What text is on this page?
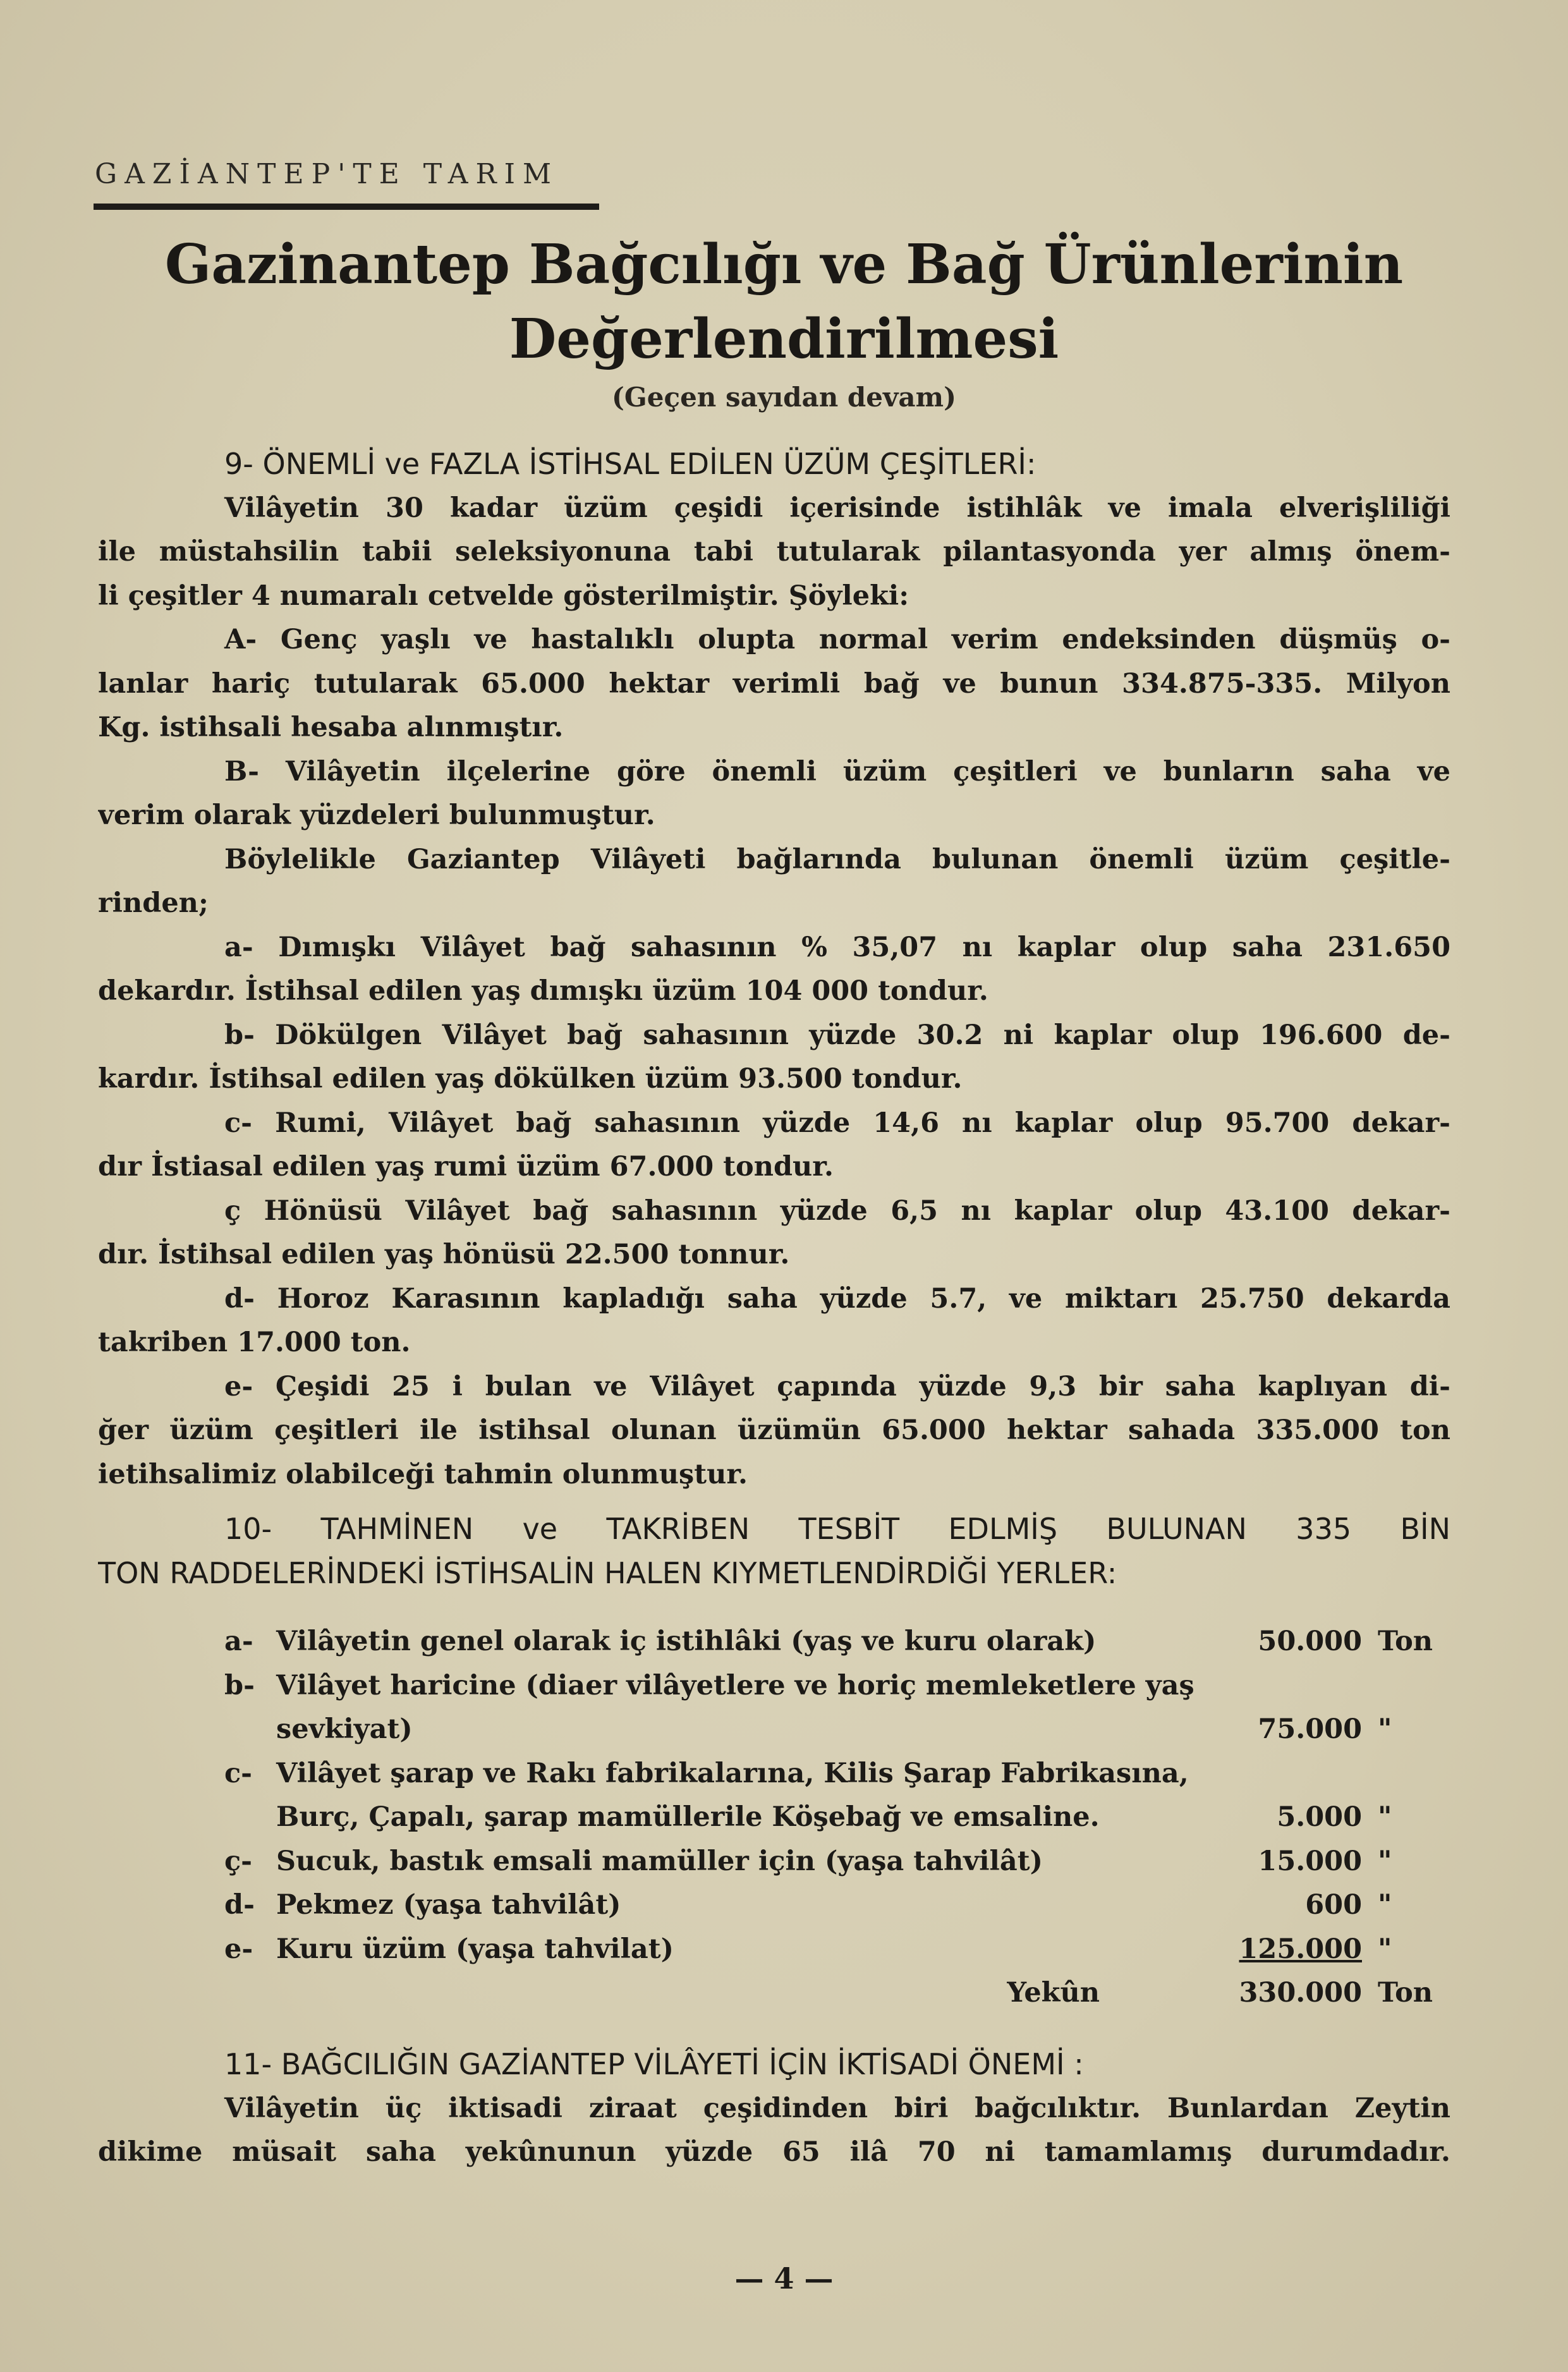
GAZİANTEP'TE TARIM
Gazinantep Bağcılığı ve Bağ Ürünlerinin
Değerlendirilmesi
(Geçen sayıdan devam)
9- ÖNEMLİ ve FAZLA İSTİHSAL EDİLEN ÜZÜM ÇEŞİTLERİ:
Vilâyetin 30 kadar üzüm çeşidi içerisinde istihlâk ve imala elverişliliği
ile müstahsilin tabii seleksiyonuna tabi tutularak pilantasyonda yer almış önem-
li çeşitler 4 numaralı cetvelde gösterilmiştir. Şöyleki:
A- Genç yaşlı ve hastalıklı olupta normal verim endeksinden düşmüş o-
lanlar hariç tutularak 65.000 hektar verimli bağ ve bunun 334.875-335. Milyon
Kg. istihsali hesaba alınmıştır.
B- Vilâyetin ilçelerine göre önemli üzüm çeşitleri ve bunların saha ve
verim olarak yüzdeleri bulunmuştur.
Böylelikle Gaziantep Vilâyeti bağlarında bulunan önemli üzüm çeşitle-
rinden;
a- Dımışkı Vilâyet bağ sahasının % 35,07 nı kaplar olup saha 231.650
dekardır. İstihsal edilen yaş dımışkı üzüm 104 000 tondur.
b- Dökülgen Vilâyet bağ sahasının yüzde 30.2 ni kaplar olup 196.600 de-
kardır. İstihsal edilen yaş dökülken üzüm 93.500 tondur.
c- Rumi, Vilâyet bağ sahasının yüzde 14,6 nı kaplar olup 95.700 dekar-
dır İstiasal edilen yaş rumi üzüm 67.000 tondur.
ç Hönüsü Vilâyet bağ sahasının yüzde 6,5 nı kaplar olup 43.100 dekar-
dır. İstihsal edilen yaş hönüsü 22.500 tonnur.
d- Horoz Karasının kapladığı saha yüzde 5.7, ve miktarı 25.750 dekarda
takriben 17.000 ton.
e- Çeşidi 25 i bulan ve Vilâyet çapında yüzde 9,3 bir saha kaplıyan di-
ğer üzüm çeşitleri ile istihsal olunan üzümün 65.000 hektar sahada 335.000 ton
ietihsalimiz olabilceği tahmin olunmuştur.
10- TAHMİNEN ve TAKRİBEN TESBİT EDLMİŞ BULUNAN 335 BİN
TON RADDELERİNDEKİ İSTİHSALİN HALEN KIYMETLENDİRDİĞİ YERLER:
a- Vilâyetin genel olarak iç istihlâki (yaş ve kuru olarak)	50.000 Ton
b- Vilâyet haricine (diaer vilâyetlere ve horiç memleketlere yaş
sevkiyat)	75.000 "
c- Vilâyet şarap ve Rakı fabrikalarına, Kilis Şarap Fabrikasına,
Burç, Çapalı, şarap mamüllerile Köşebağ ve emsaline.	5.000 "
ç- Sucuk, bastık emsali mamüller için (yaşa tahvilât)	15.000 "
d- Pekmez (yaşa tahvilât)	600 "
e- Kuru üzüm (yaşa tahvilat)	125.000 "
Yekûn	330.000 Ton
11- BAĞCILIĞIN GAZİANTEP VİLÂYETİ İÇİN İKTİSADİ ÖNEMİ :
Vilâyetin üç iktisadi ziraat çeşidinden biri bağcılıktır. Bunlardan Zeytin
dikime müsait saha yekûnunun yüzde 65 ilâ 70 ni tamamlamış durumdadır.
— 4 —
